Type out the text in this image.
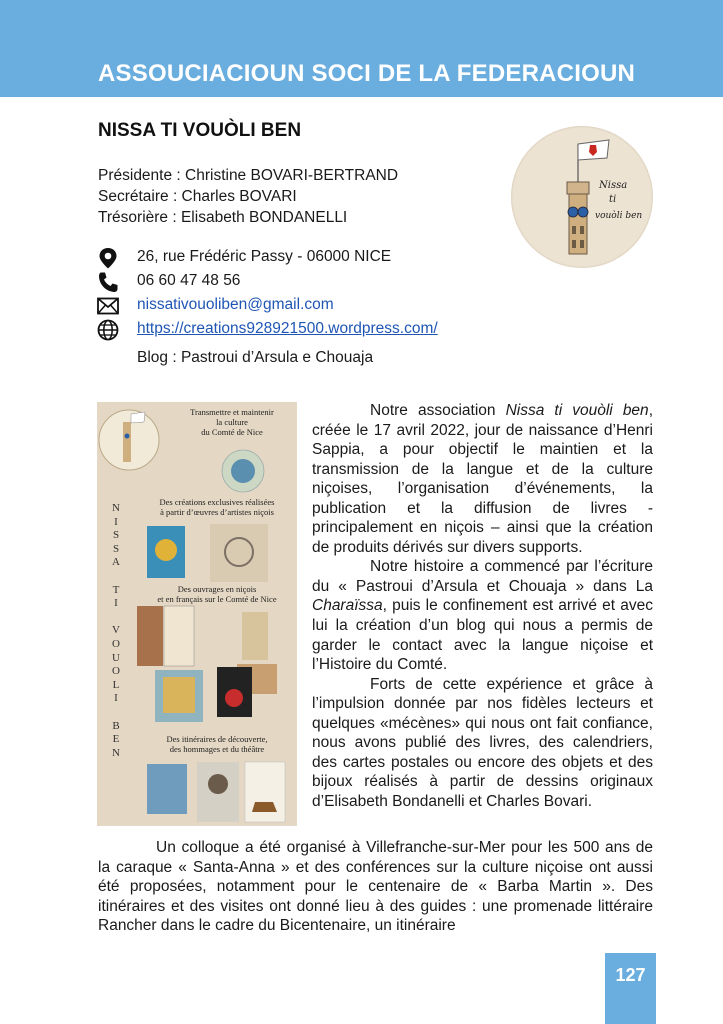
ASSOUCIACIOUN SOCI DE LA FEDERACIOUN
NISSA TI VOUÒLI BEN
Présidente : Christine BOVARI-BERTRAND
Secrétaire : Charles BOVARI
Trésorière : Elisabeth BONDANELLI
Nissa
ti
vouòli ben
26, rue Frédéric Passy - 06000 NICE
06 60 47 48 56
nissativouoliben@gmail.com
https://creations928921500.wordpress.com/
Blog : Pastroui d’Arsula e Chouaja
Transmettre et maintenir
la culture
du Comté de Nice
Des créations exclusives réalisées
à partir d’œuvres d’artistes niçois
Des ouvrages en niçois
et en français sur le Comté de Nice
Des itinéraires de découverte,
des hommages et du théâtre
N
I
S
S
A

T
I

V
O
U
O
L
I

B
E
N

Notre association Nissa ti vouòli ben, créée le 17 avril 2022, jour de naissance d’Henri Sappia, a pour objectif le maintien et la transmission de la langue et de la culture niçoises, l’organisation d’événements, la publication et la diffusion de livres - principalement en niçois – ainsi que la création de produits dérivés sur divers supports.

Notre histoire a commencé par l’écriture du « Pastroui d’Arsula et Chouaja » dans La Charaïssa, puis le confinement est arrivé et avec lui la création d’un blog qui nous a permis de garder le contact avec la langue niçoise et l’Histoire du Comté.

Forts de cette expérience et grâce à l’impulsion donnée par nos fidèles lecteurs et quelques «mécènes» qui nous ont fait confiance, nous avons publié des livres, des calendriers, des cartes postales ou encore des objets et des bijoux réalisés à partir de dessins originaux d’Elisabeth Bondanelli et Charles Bovari.

Un colloque a été organisé à Villefranche-sur-Mer pour les 500 ans de la caraque « Santa-Anna » et des conférences sur la culture niçoise ont aussi été proposées, notamment pour le centenaire de « Barba Martin ». Des itinéraires et des visites ont donné lieu à des guides : une promenade littéraire Rancher dans le cadre du Bicentenaire, un itinéraire

127
